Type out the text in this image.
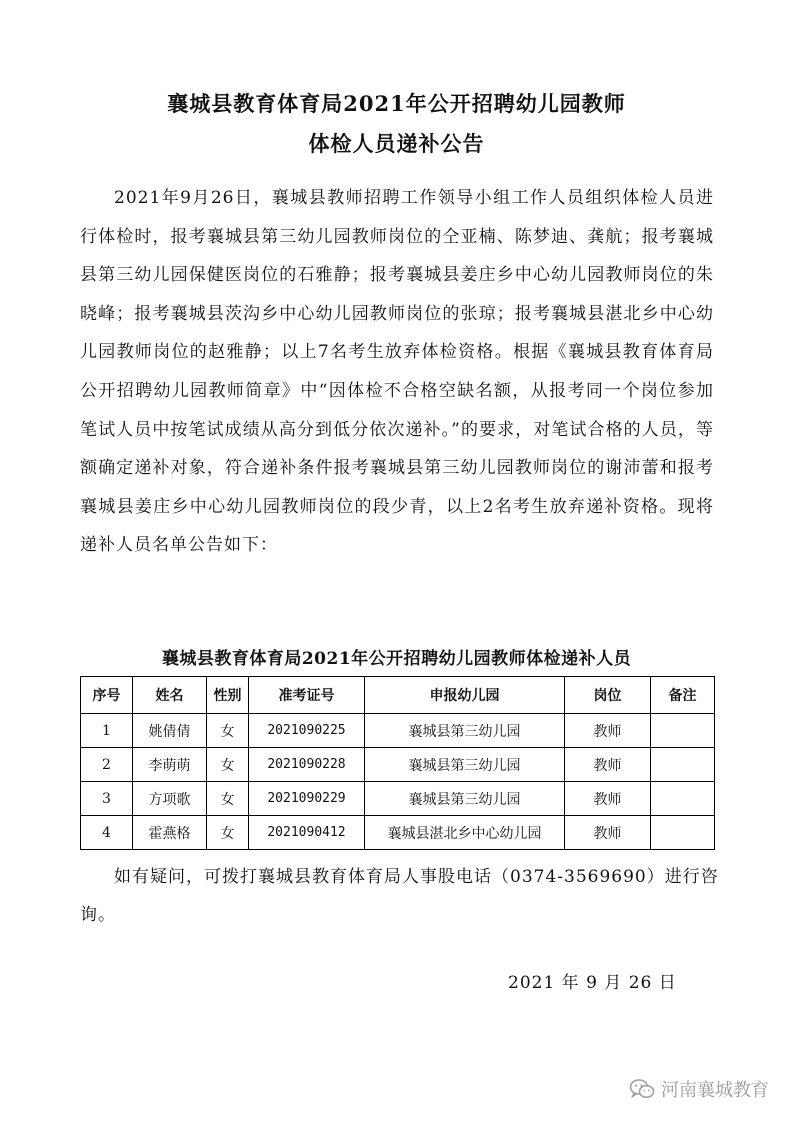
襄城县教育体育局2021年公开招聘幼儿园教师
体检人员递补公告
2021年9月26日，襄城县教师招聘工作领导小组工作人员组织体检人员进行体检时，报考襄城县第三幼儿园教师岗位的仝亚楠、陈梦迪、龚航；报考襄城县第三幼儿园保健医岗位的石雅静；报考襄城县姜庄乡中心幼儿园教师岗位的朱晓峰；报考襄城县茨沟乡中心幼儿园教师岗位的张琼；报考襄城县湛北乡中心幼儿园教师岗位的赵雅静；以上7名考生放弃体检资格。根据《襄城县教育体育局公开招聘幼儿园教师简章》中“因体检不合格空缺名额，从报考同一个岗位参加笔试人员中按笔试成绩从高分到低分依次递补。”的要求，对笔试合格的人员，等额确定递补对象，符合递补条件报考襄城县第三幼儿园教师岗位的谢沛蕾和报考襄城县姜庄乡中心幼儿园教师岗位的段少青，以上2名考生放弃递补资格。现将递补人员名单公告如下：
襄城县教育体育局2021年公开招聘幼儿园教师体检递补人员
序号	姓名	性别	准考证号	申报幼儿园	岗位	备注
1	姚倩倩	女	2021090225	襄城县第三幼儿园	教师	
2	李萌萌	女	2021090228	襄城县第三幼儿园	教师	
3	方项歌	女	2021090229	襄城县第三幼儿园	教师	
4	霍燕格	女	2021090412	襄城县湛北乡中心幼儿园	教师	
如有疑问，可拨打襄城县教育体育局人事股电话（0374-3569690）进行咨询。
2021 年 9 月 26 日
河南襄城教育
